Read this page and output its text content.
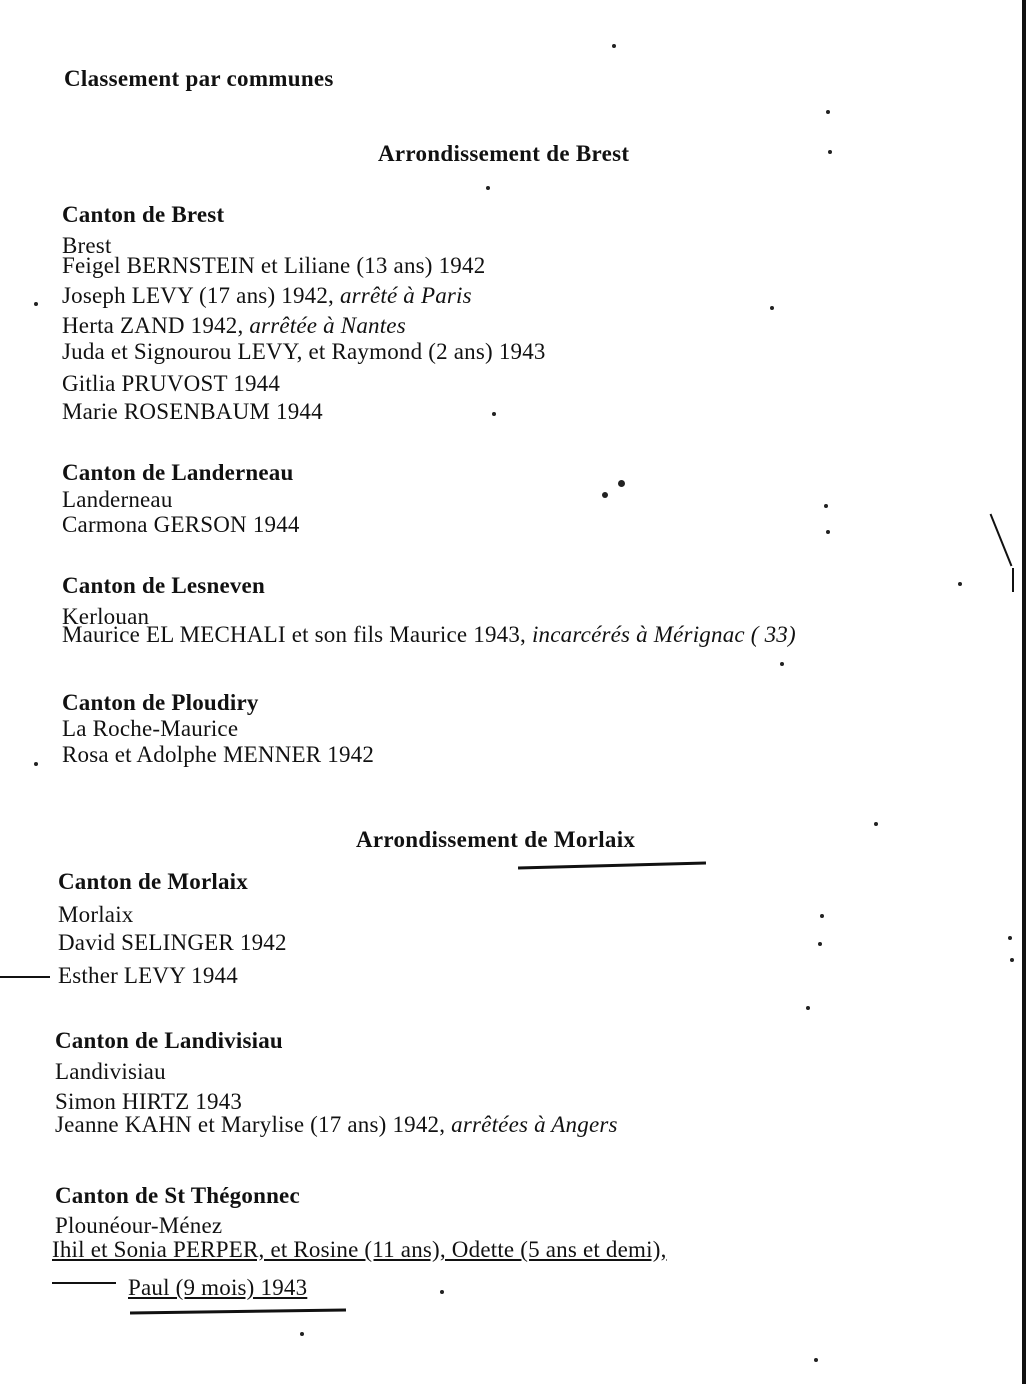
Classement par communes
Arrondissement de Brest
Canton de Brest
Brest
Feigel BERNSTEIN et Liliane (13 ans) 1942
Joseph LEVY (17 ans) 1942, arrêté à Paris
Herta ZAND 1942, arrêtée à Nantes
Juda et Signourou LEVY, et Raymond (2 ans) 1943
Gitlia PRUVOST 1944
Marie ROSENBAUM 1944
Canton de Landerneau
Landerneau
Carmona GERSON 1944
Canton de Lesneven
Kerlouan
Maurice EL MECHALI et son fils Maurice 1943, incarcérés à Mérignac ( 33)
Canton de Ploudiry
La Roche-Maurice
Rosa et Adolphe MENNER 1942
Arrondissement de Morlaix
Canton de Morlaix
Morlaix
David SELINGER 1942
Esther LEVY 1944
Canton de Landivisiau
Landivisiau
Simon HIRTZ 1943
Jeanne KAHN et Marylise (17 ans) 1942, arrêtées à Angers
Canton de St Thégonnec
Plounéour-Ménez
Ihil et Sonia PERPER, et Rosine (11 ans), Odette (5 ans et demi),
Paul (9 mois) 1943
